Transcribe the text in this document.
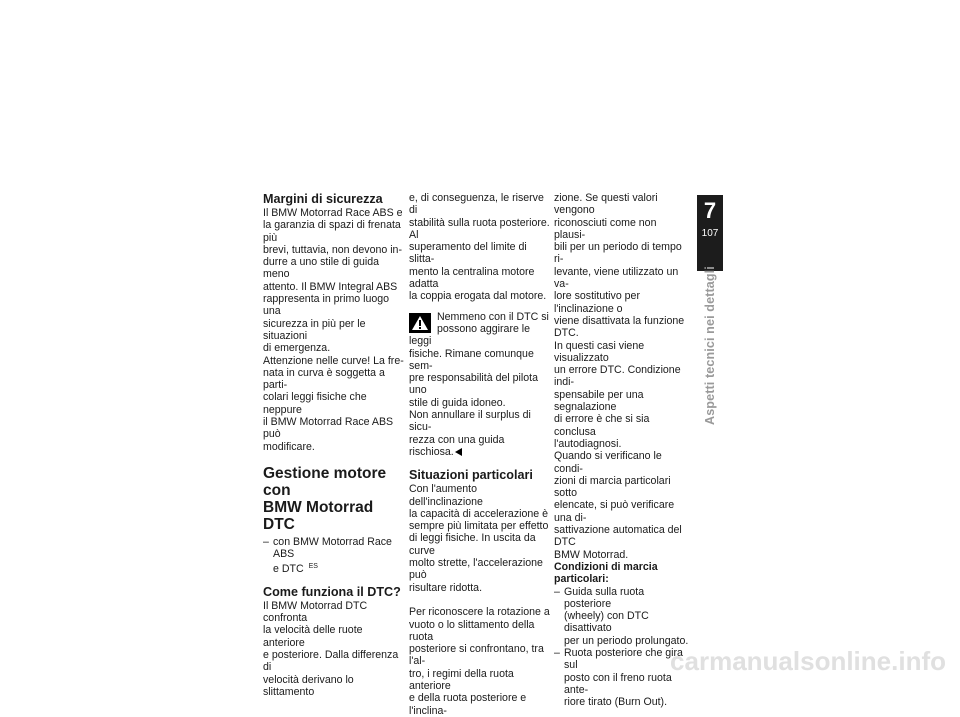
Margini di sicurezza

Il BMW Motorrad Race ABS e
la garanzia di spazi di frenata più
brevi, tuttavia, non devono in-
durre a uno stile di guida meno
attento. Il BMW Integral ABS
rappresenta in primo luogo una
sicurezza in più per le situazioni
di emergenza.
Attenzione nelle curve! La fre-
nata in curva è soggetta a parti-
colari leggi fisiche che neppure
il BMW Motorrad Race ABS può
modificare.

Gestione motore con
BMW Motorrad DTC
– con BMW Motorrad Race ABS
e DTC $^{ES}$
Come funziona il DTC?

Il BMW Motorrad DTC confronta
la velocità delle ruote anteriore
e posteriore. Dalla differenza di
velocità derivano lo slittamento

e, di conseguenza, le riserve di
stabilità sulla ruota posteriore. Al
superamento del limite di slitta-
mento la centralina motore adatta
la coppia erogata dal motore.

Nemmeno con il DTC si
possono aggirare le leggi
fisiche. Rimane comunque sem-
pre responsabilità del pilota uno
stile di guida idoneo.
Non annullare il surplus di sicu-
rezza con una guida rischiosa.

Situazioni particolari

Con l'aumento dell'inclinazione
la capacità di accelerazione è
sempre più limitata per effetto
di leggi fisiche. In uscita da curve
molto strette, l'accelerazione può
risultare ridotta.

Per riconoscere la rotazione a
vuoto o lo slittamento della ruota
posteriore si confrontano, tra l'al-
tro, i regimi della ruota anteriore
e della ruota posteriore e l'inclina-

zione. Se questi valori vengono
riconosciuti come non plausi-
bili per un periodo di tempo ri-
levante, viene utilizzato un va-
lore sostitutivo per l'inclinazione o
viene disattivata la funzione DTC.
In questi casi viene visualizzato
un errore DTC. Condizione indi-
spensabile per una segnalazione
di errore è che si sia conclusa
l'autodiagnosi.
Quando si verificano le condi-
zioni di marcia particolari sotto
elencate, si può verificare una di-
sattivazione automatica del DTC
BMW Motorrad.

Condizioni di marcia
particolari:
– Guida sulla ruota posteriore
(wheely) con DTC disattivato
per un periodo prolungato.
– Ruota posteriore che gira sul
posto con il freno ruota ante-
riore tirato (Burn Out).
7
107
Aspetti tecnici nei dettagli
carmanualsonline.info
